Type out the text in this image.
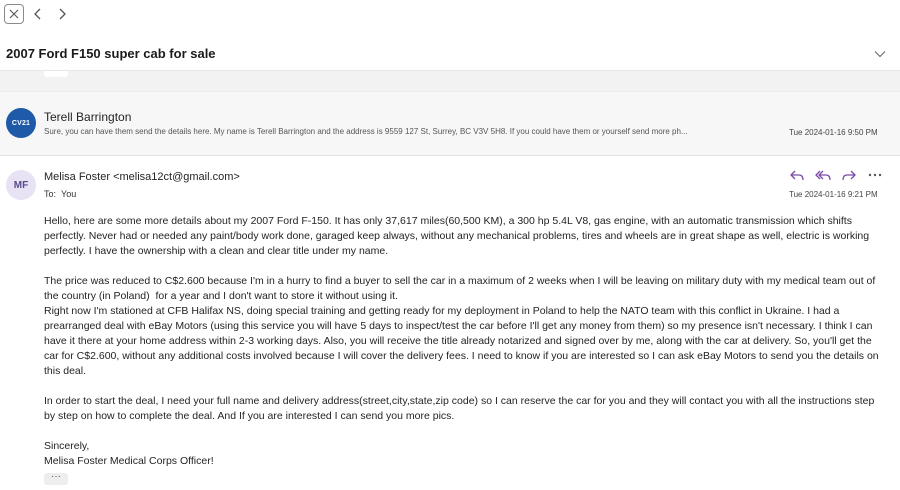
2007 Ford F150 super cab for sale
CV21	Terell Barrington
Sure, you can have them send the details here. My name is Terell Barrington and the address is 9559 127 St, Surrey, BC V3V 5H8. If you could have them or yourself send more ph...	Tue 2024-01-16 9:50 PM
MF
Melisa Foster <melisa12ct@gmail.com>
To: You	Tue 2024-01-16 9:21 PM

Hello, here are some more details about my 2007 Ford F-150. It has only 37,617 miles(60,500 KM), a 300 hp 5.4L V8, gas engine, with an automatic transmission which shifts perfectly. Never had or needed any paint/body work done, garaged keep always, without any mechanical problems, tires and wheels are in great shape as well, electric is working perfectly. I have the ownership with a clean and clear title under my name.

The price was reduced to C$2.600 because I'm in a hurry to find a buyer to sell the car in a maximum of 2 weeks when I will be leaving on military duty with my medical team out of the country (in Poland)  for a year and I don't want to store it without using it.

Right now I'm stationed at CFB Halifax NS, doing special training and getting ready for my deployment in Poland to help the NATO team with this conflict in Ukraine. I had a prearranged deal with eBay Motors (using this service you will have 5 days to inspect/test the car before I'll get any money from them) so my presence isn't necessary. I think I can have it there at your home address within 2-3 working days. Also, you will receive the title already notarized and signed over by me, along with the car at delivery. So, you'll get the car for C$2.600, without any additional costs involved because I will cover the delivery fees. I need to know if you are interested so I can ask eBay Motors to send you the details on this deal.

In order to start the deal, I need your full name and delivery address(street,city,state,zip code) so I can reserve the car for you and they will contact you with all the instructions step by step on how to complete the deal. And If you are interested I can send you more pics.

Sincerely,

Melisa Foster Medical Corps Officer!

···
